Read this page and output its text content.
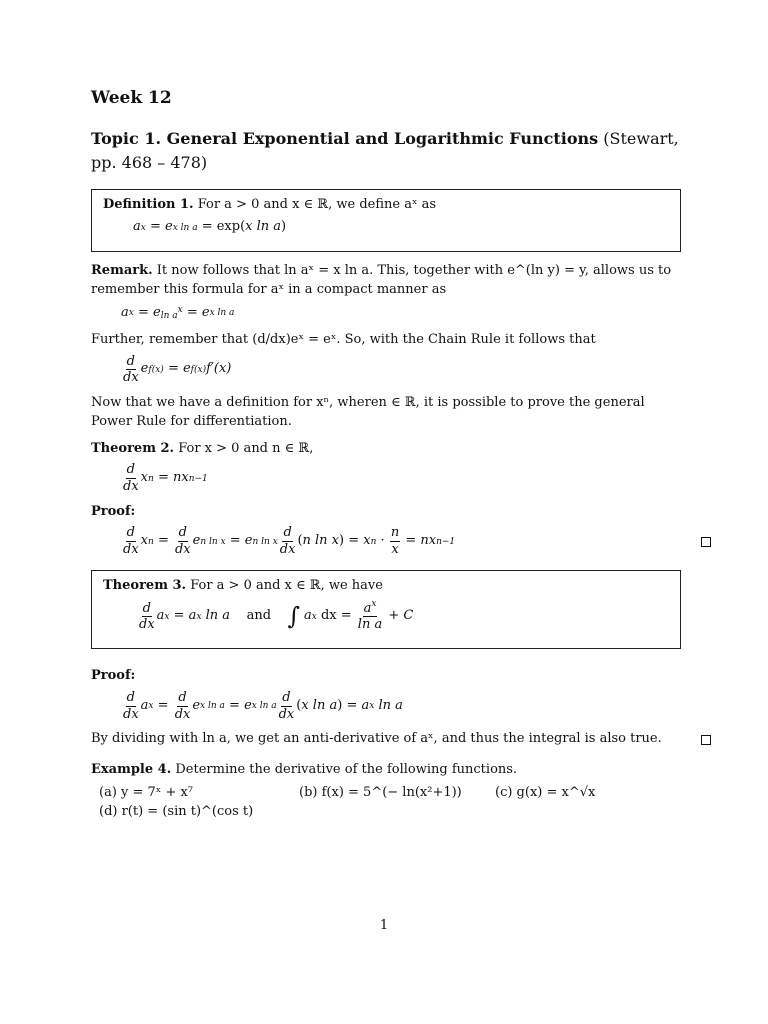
Week 12
Topic 1. General Exponential and Logarithmic Functions (Stewart, pp. 468 – 478)
Definition 1. For a > 0 and x ∈ ℝ, we define aˣ as
a x
= e x ln a
= exp( x ln a )
Remark. It now follows that ln aˣ = x ln a. This, together with e^(ln y) = y, allows us to remember this formula for aˣ in a compact manner as
a x
= e $\ln a^x$
= e x ln a
Further, remember that (d/dx)eˣ = eˣ. So, with the Chain Rule it follows that
$\frac{d}{dx}$ e f(x)
= e f(x) f′(x)
Now that we have a definition for xⁿ, wheren ∈ ℝ, it is possible to prove the general Power Rule for differentiation.
Theorem 2. For x > 0 and n ∈ ℝ,
$\frac{d}{dx}$ x n
= nx n−1
Proof:
$\frac{d}{dx}$ x n
=
$\frac{d}{dx}$ e n ln x
= e n ln x $\frac{d}{dx}$ ( n ln x )
= x n
·
$\frac{n}{x}$
= nx n−1
Theorem 3. For a > 0 and x ∈ ℝ, we have
$\frac{d}{dx}$ a x
= a x ln a and
∫ a x
dx =
$\frac{a^x}{\text{ln a}}$
+ C
Proof:
$\frac{d}{dx}$ a x
=
$\frac{d}{dx}$ e x ln a
= e x ln a $\frac{d}{dx}$ ( x ln a )
= a x ln a
By dividing with ln a, we get an anti-derivative of aˣ, and thus the integral is also true.
Example 4. Determine the derivative of the following functions.
(a) y = 7ˣ + x⁷	(b) f(x) = 5^(− ln(x²+1))	(c) g(x) = x^√x
(d) r(t) = (sin t)^(cos t)
1
